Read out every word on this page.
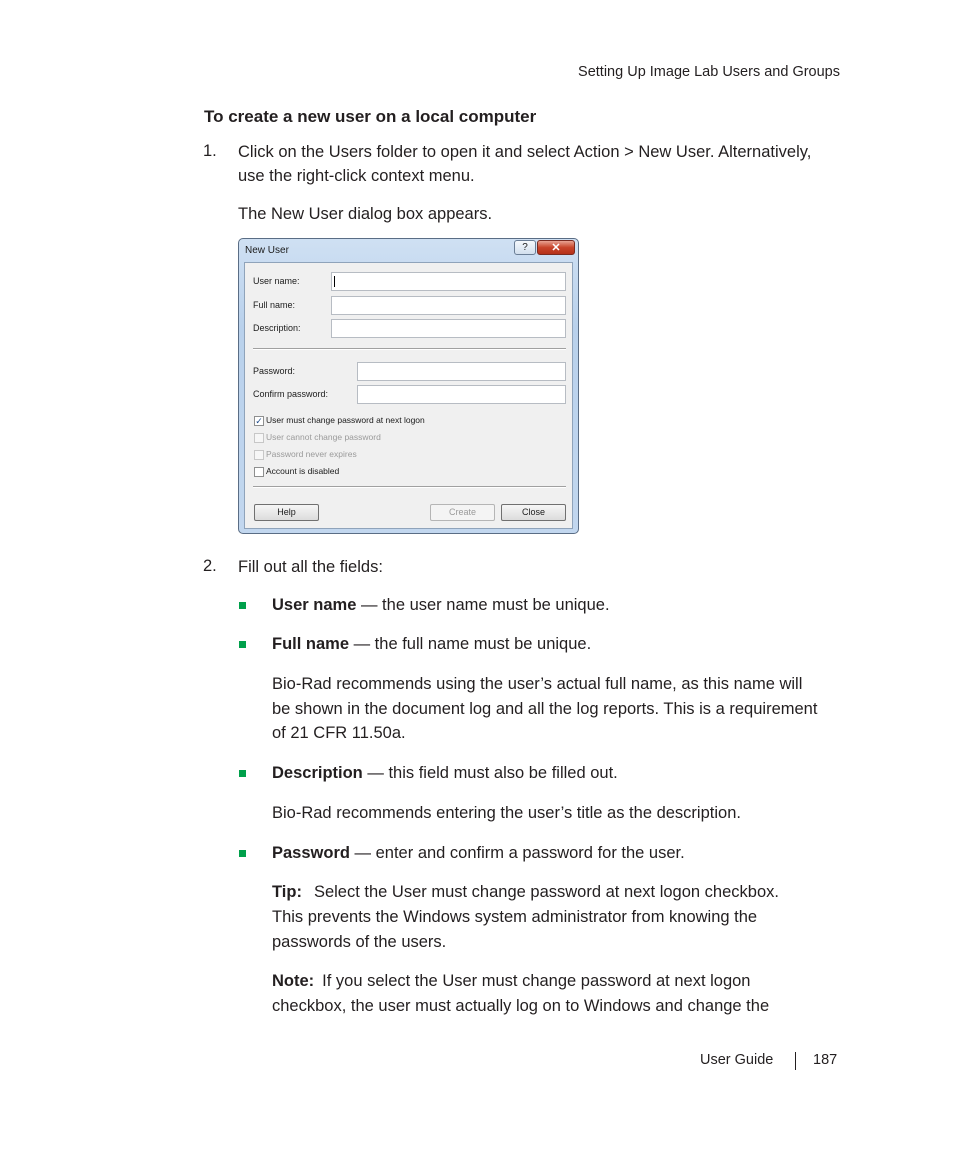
Setting Up Image Lab Users and Groups
To create a new user on a local computer
1. Click on the Users folder to open it and select Action > New User. Alternatively,
use the right-click context menu.
The New User dialog box appears.
New User	?	✕
User name:
Full name:
Description:
Password:
Confirm password:
✓ User must change password at next logon
User cannot change password
Password never expires
Account is disabled
Help	Create	Close
2. Fill out all the fields:
User name — the user name must be unique.
Full name — the full name must be unique.
Bio-Rad recommends using the user’s actual full name, as this name will
be shown in the document log and all the log reports. This is a requirement
of 21 CFR 11.50a.
Description — this field must also be filled out.
Bio-Rad recommends entering the user’s title as the description.
Password — enter and confirm a password for the user.
Tip: Select the User must change password at next logon checkbox.
This prevents the Windows system administrator from knowing the
passwords of the users.
Note: If you select the User must change password at next logon
checkbox, the user must actually log on to Windows and change the
User Guide	187
